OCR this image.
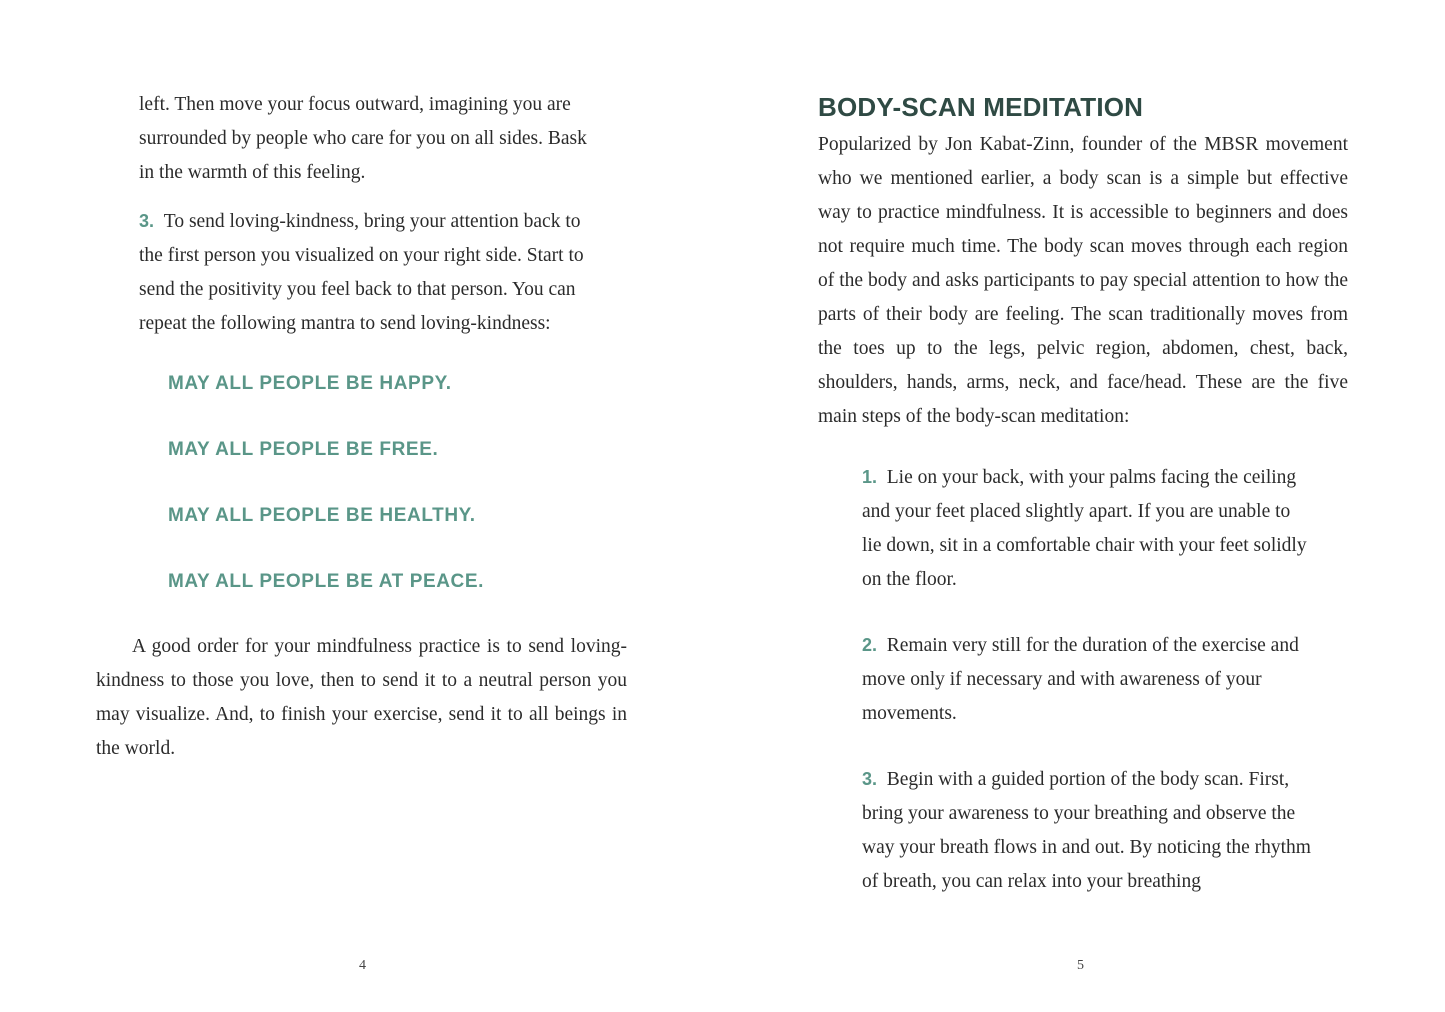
left. Then move your focus outward, imagining you are surrounded by people who care for you on all sides. Bask in the warmth of this feeling.

3. To send loving-kindness, bring your attention back to the first person you visualized on your right side. Start to send the positivity you feel back to that person. You can repeat the following mantra to send loving-kindness:

MAY ALL PEOPLE BE HAPPY.

MAY ALL PEOPLE BE FREE.

MAY ALL PEOPLE BE HEALTHY.

MAY ALL PEOPLE BE AT PEACE.

A good order for your mindfulness practice is to send loving-kindness to those you love, then to send it to a neutral person you may visualize. And, to finish your exercise, send it to all beings in the world.

4

BODY-SCAN MEDITATION

Popularized by Jon Kabat-Zinn, founder of the MBSR movement who we mentioned earlier, a body scan is a simple but effective way to practice mindfulness. It is accessible to beginners and does not require much time. The body scan moves through each region of the body and asks participants to pay special attention to how the parts of their body are feeling. The scan traditionally moves from the toes up to the legs, pelvic region, abdomen, chest, back, shoulders, hands, arms, neck, and face/head. These are the five main steps of the body-scan meditation:

1. Lie on your back, with your palms facing the ceiling and your feet placed slightly apart. If you are unable to lie down, sit in a comfortable chair with your feet solidly on the floor.

2. Remain very still for the duration of the exercise and move only if necessary and with awareness of your movements.

3. Begin with a guided portion of the body scan. First, bring your awareness to your breathing and observe the way your breath flows in and out. By noticing the rhythm of breath, you can relax into your breathing

5
